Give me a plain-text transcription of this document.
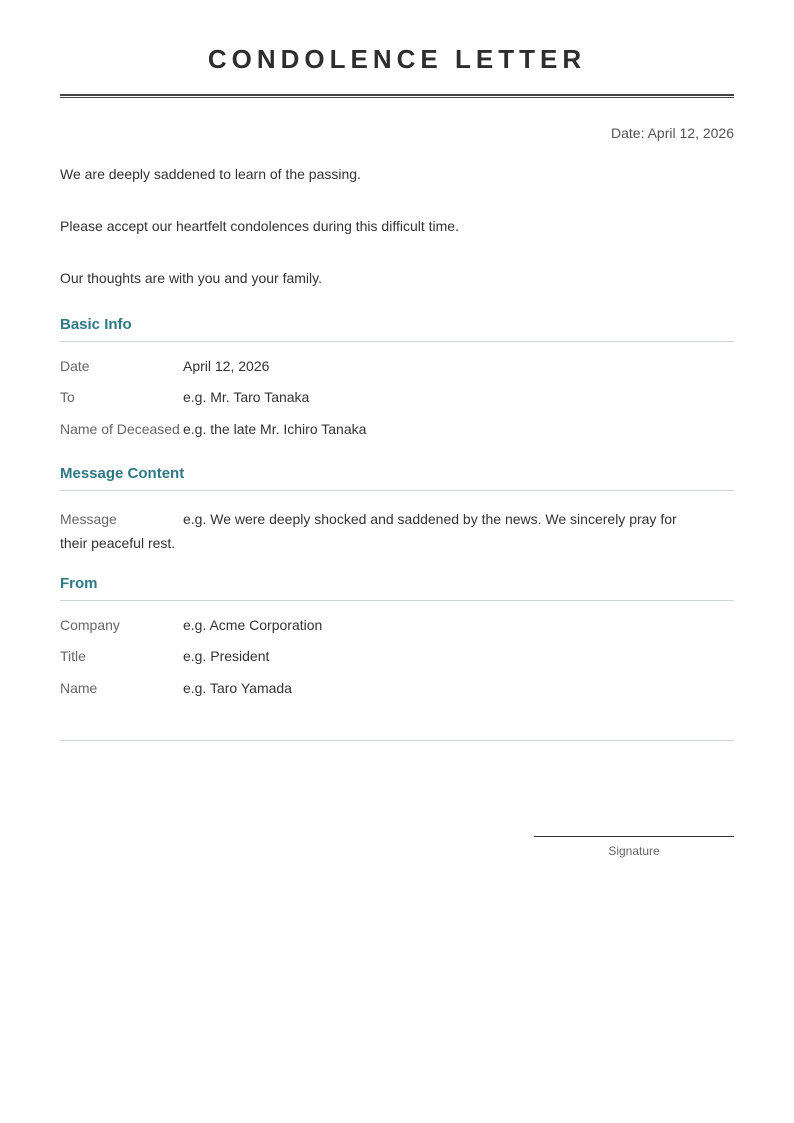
CONDOLENCE LETTER
Date: April 12, 2026
We are deeply saddened to learn of the passing.
Please accept our heartfelt condolences during this difficult time.
Our thoughts are with you and your family.
Basic Info
Date	April 12, 2026
To	e.g. Mr. Taro Tanaka
Name of Deceased e.g. the late Mr. Ichiro Tanaka
Message Content
Message	e.g. We were deeply shocked and saddened by the news. We sincerely pray for their peaceful rest.
From
Company	e.g. Acme Corporation
Title	e.g. President
Name	e.g. Taro Yamada
Signature
